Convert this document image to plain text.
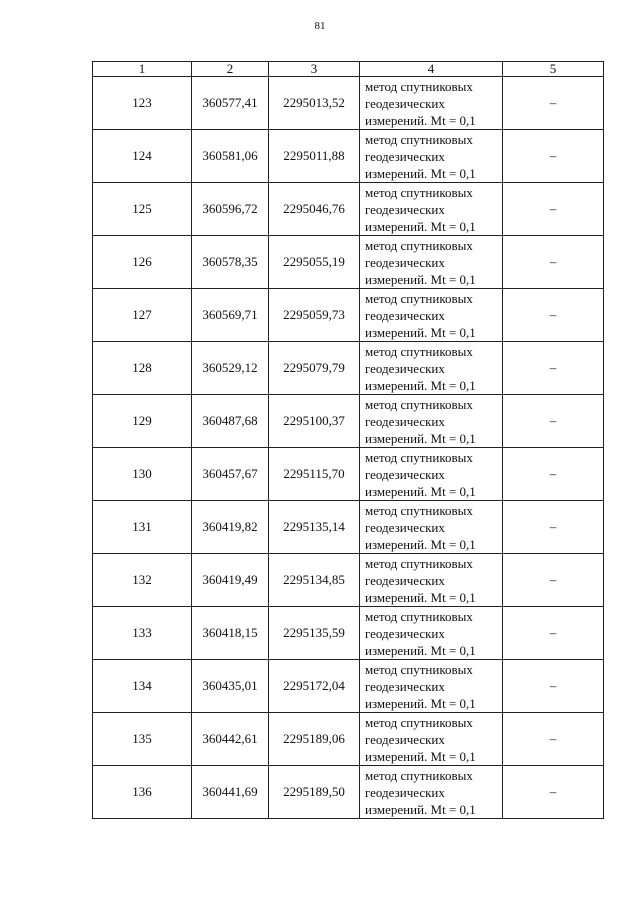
81
1	2	3	4	5
123	360577,41	2295013,52	метод спутниковых
геодезических
измерений. Mt = 0,1	–
124	360581,06	2295011,88	метод спутниковых
геодезических
измерений. Mt = 0,1	–
125	360596,72	2295046,76	метод спутниковых
геодезических
измерений. Mt = 0,1	–
126	360578,35	2295055,19	метод спутниковых
геодезических
измерений. Mt = 0,1	–
127	360569,71	2295059,73	метод спутниковых
геодезических
измерений. Mt = 0,1	–
128	360529,12	2295079,79	метод спутниковых
геодезических
измерений. Mt = 0,1	–
129	360487,68	2295100,37	метод спутниковых
геодезических
измерений. Mt = 0,1	–
130	360457,67	2295115,70	метод спутниковых
геодезических
измерений. Mt = 0,1	–
131	360419,82	2295135,14	метод спутниковых
геодезических
измерений. Mt = 0,1	–
132	360419,49	2295134,85	метод спутниковых
геодезических
измерений. Mt = 0,1	–
133	360418,15	2295135,59	метод спутниковых
геодезических
измерений. Mt = 0,1	–
134	360435,01	2295172,04	метод спутниковых
геодезических
измерений. Mt = 0,1	–
135	360442,61	2295189,06	метод спутниковых
геодезических
измерений. Mt = 0,1	–
136	360441,69	2295189,50	метод спутниковых
геодезических
измерений. Mt = 0,1	–
